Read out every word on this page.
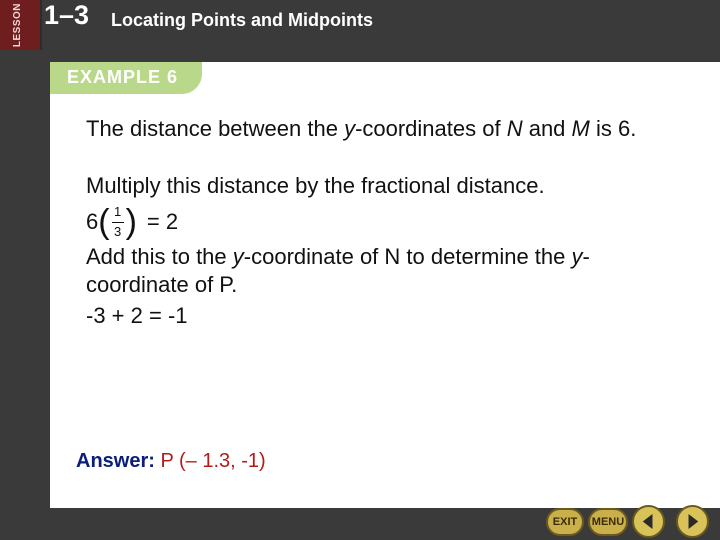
LESSON 1–3 Locating Points and Midpoints
EXAMPLE 6
The distance between the y-coordinates of N and M is 6.
Multiply this distance by the fractional distance.
6 ( $\frac{1}{3}$ ) = 2
Add this to the y-coordinate of N to determine the y-
coordinate of P.
-3 + 2 = -1
Answer: P (– 1.3, -1)
EXIT	MENU
